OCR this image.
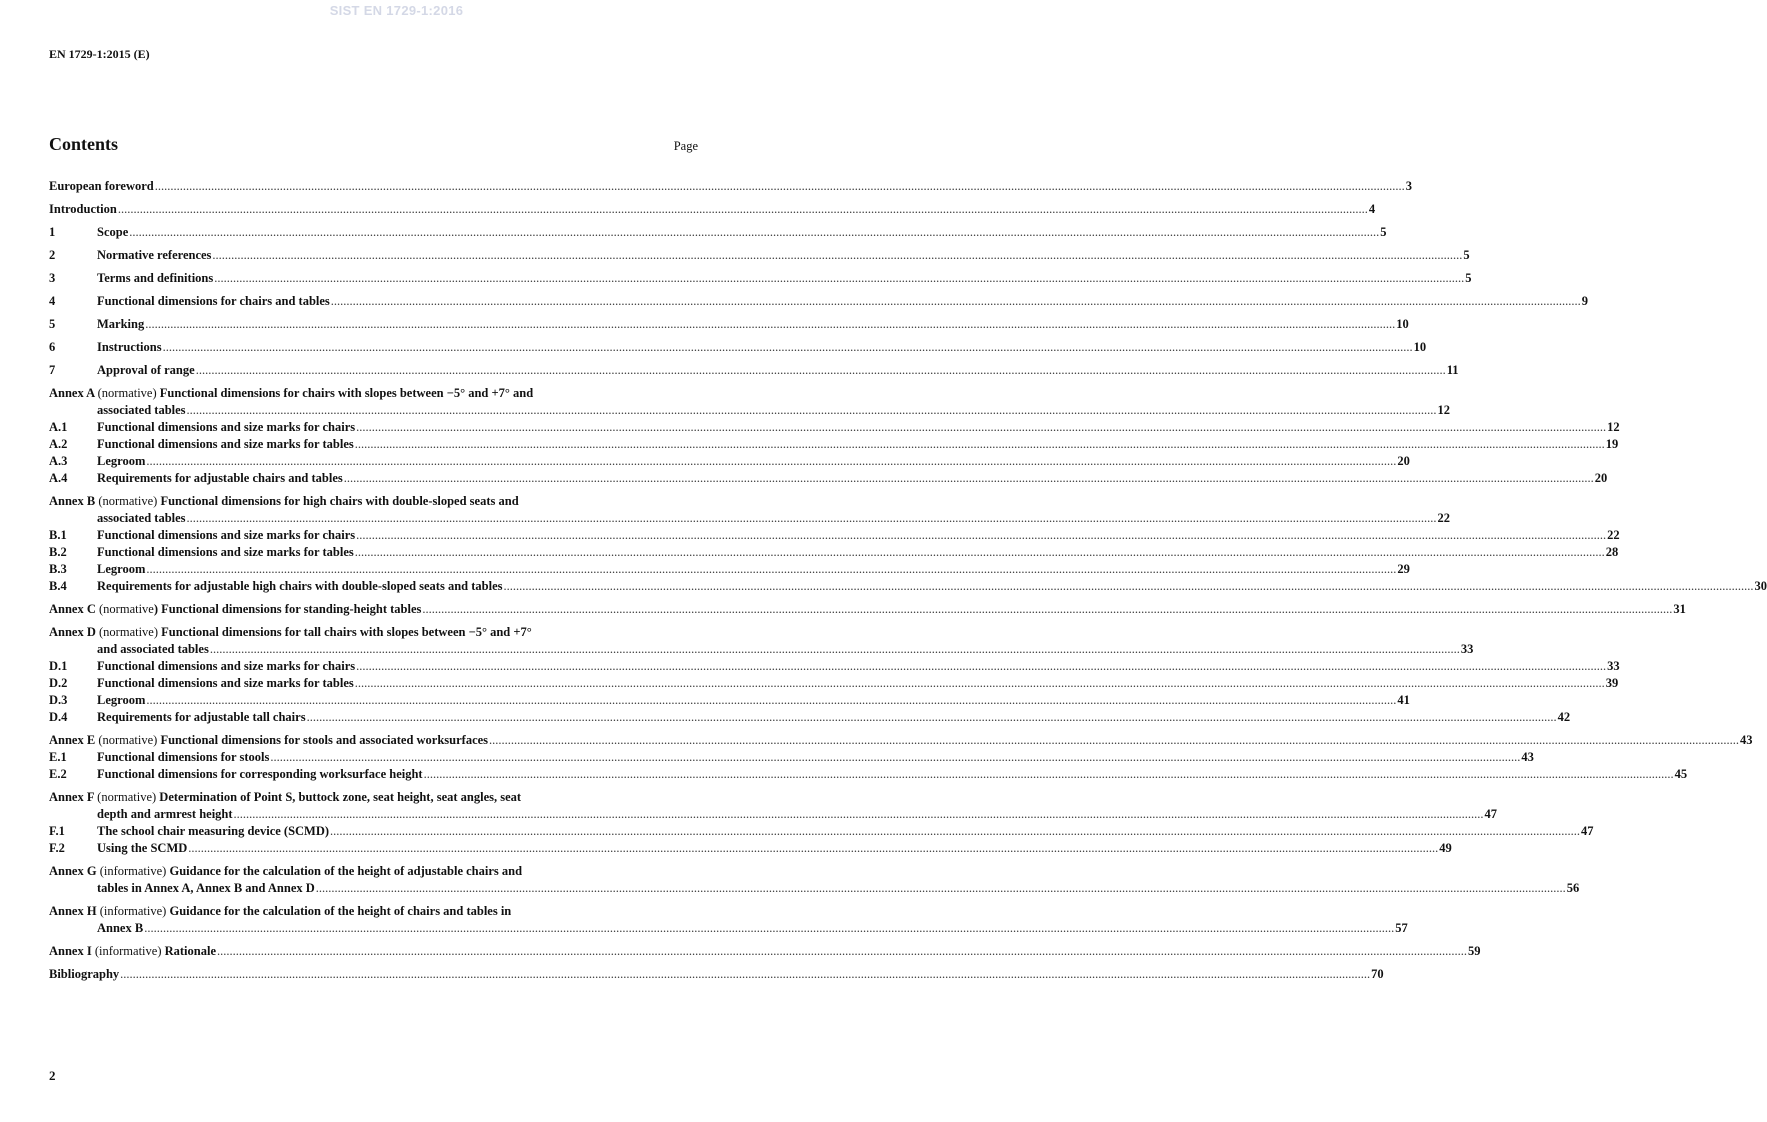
SIST EN 1729-1:2016
EN 1729-1:2015 (E)
Contents	Page
European foreword ................................................................................................................................................................................................................................................................................................................................................................................................................ 3
Introduction ................................................................................................................................................................................................................................................................................................................................................................................................................ 4
1	Scope ................................................................................................................................................................................................................................................................................................................................................................................................................ 5
2	Normative references ................................................................................................................................................................................................................................................................................................................................................................................................................ 5
3	Terms and definitions ................................................................................................................................................................................................................................................................................................................................................................................................................ 5
4	Functional dimensions for chairs and tables ................................................................................................................................................................................................................................................................................................................................................................................................................ 9
5	Marking ................................................................................................................................................................................................................................................................................................................................................................................................................ 10
6	Instructions ................................................................................................................................................................................................................................................................................................................................................................................................................ 10
7	Approval of range ................................................................................................................................................................................................................................................................................................................................................................................................................ 11
Annex A (normative) Functional dimensions for chairs with slopes between −5° and +7° and
associated tables ................................................................................................................................................................................................................................................................................................................................................................................................................ 12
A.1	Functional dimensions and size marks for chairs ................................................................................................................................................................................................................................................................................................................................................................................................................ 12
A.2	Functional dimensions and size marks for tables ................................................................................................................................................................................................................................................................................................................................................................................................................ 19
A.3	Legroom ................................................................................................................................................................................................................................................................................................................................................................................................................ 20
A.4	Requirements for adjustable chairs and tables ................................................................................................................................................................................................................................................................................................................................................................................................................ 20
Annex B (normative) Functional dimensions for high chairs with double-sloped seats and
associated tables ................................................................................................................................................................................................................................................................................................................................................................................................................ 22
B.1	Functional dimensions and size marks for chairs ................................................................................................................................................................................................................................................................................................................................................................................................................ 22
B.2	Functional dimensions and size marks for tables ................................................................................................................................................................................................................................................................................................................................................................................................................ 28
B.3	Legroom ................................................................................................................................................................................................................................................................................................................................................................................................................ 29
B.4	Requirements for adjustable high chairs with double-sloped seats and tables ................................................................................................................................................................................................................................................................................................................................................................................................................ 30
Annex C (normative) Functional dimensions for standing-height tables ................................................................................................................................................................................................................................................................................................................................................................................................................ 31
Annex D (normative) Functional dimensions for tall chairs with slopes between −5° and +7°
and associated tables ................................................................................................................................................................................................................................................................................................................................................................................................................ 33
D.1	Functional dimensions and size marks for chairs ................................................................................................................................................................................................................................................................................................................................................................................................................ 33
D.2	Functional dimensions and size marks for tables ................................................................................................................................................................................................................................................................................................................................................................................................................ 39
D.3	Legroom ................................................................................................................................................................................................................................................................................................................................................................................................................ 41
D.4	Requirements for adjustable tall chairs ................................................................................................................................................................................................................................................................................................................................................................................................................ 42
Annex E (normative) Functional dimensions for stools and associated worksurfaces ................................................................................................................................................................................................................................................................................................................................................................................................................ 43
E.1	Functional dimensions for stools ................................................................................................................................................................................................................................................................................................................................................................................................................ 43
E.2	Functional dimensions for corresponding worksurface height ................................................................................................................................................................................................................................................................................................................................................................................................................ 45
Annex F (normative) Determination of Point S, buttock zone, seat height, seat angles, seat
depth and armrest height ................................................................................................................................................................................................................................................................................................................................................................................................................ 47
F.1	The school chair measuring device (SCMD) ................................................................................................................................................................................................................................................................................................................................................................................................................ 47
F.2	Using the SCMD ................................................................................................................................................................................................................................................................................................................................................................................................................ 49
Annex G (informative) Guidance for the calculation of the height of adjustable chairs and
tables in Annex A, Annex B and Annex D ................................................................................................................................................................................................................................................................................................................................................................................................................ 56
Annex H (informative) Guidance for the calculation of the height of chairs and tables in
Annex B ................................................................................................................................................................................................................................................................................................................................................................................................................ 57
Annex I (informative) Rationale ................................................................................................................................................................................................................................................................................................................................................................................................................ 59
Bibliography ................................................................................................................................................................................................................................................................................................................................................................................................................ 70
2
